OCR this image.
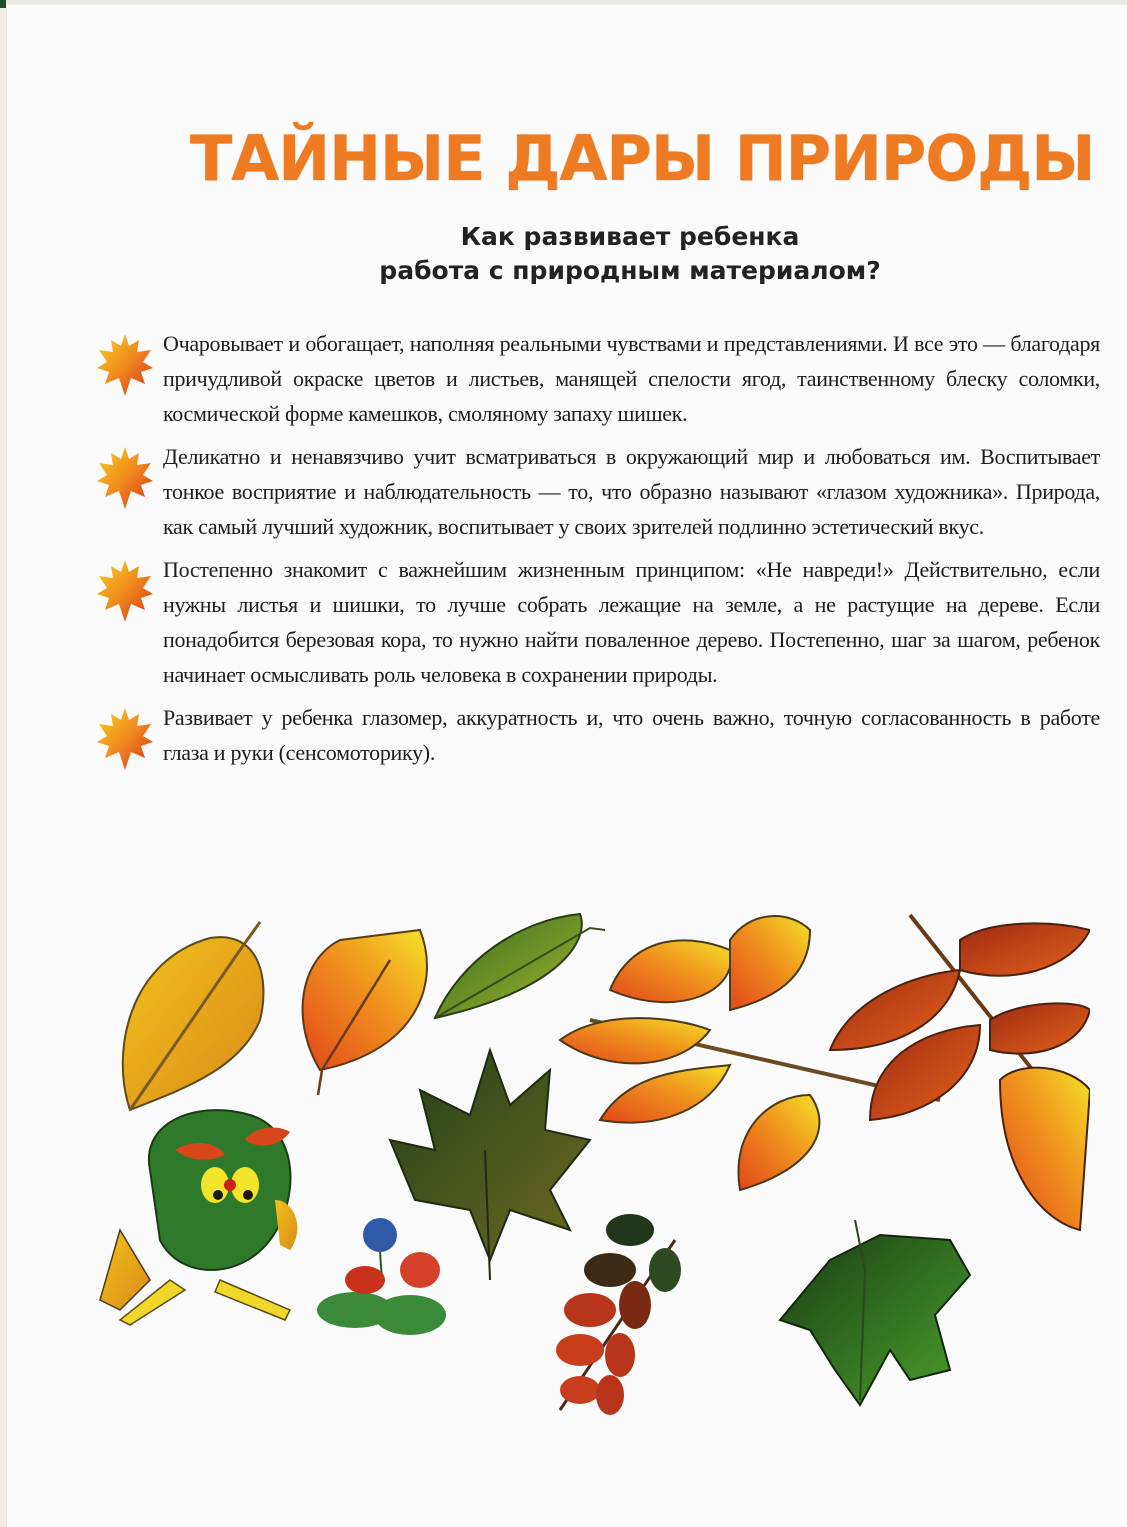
ТАЙНЫЕ ДАРЫ ПРИРОДЫ
Как развивает ребенка
работа с природным материалом?

Очаровывает и обогащает, наполняя реальными чувствами и представлениями. И все это — благодаря причудливой окраске цветов и листьев, манящей спелости ягод, таинственному блеску соломки, космической форме камешков, смоляному запаху шишек.

Деликатно и ненавязчиво учит всматриваться в окружающий мир и любоваться им. Воспитывает тонкое восприятие и наблюдательность — то, что образно называют «глазом художника». Природа, как самый лучший художник, воспитывает у своих зрителей подлинно эстетический вкус.

Постепенно знакомит с важнейшим жизненным принципом: «Не навреди!» Действительно, если нужны листья и шишки, то лучше собрать лежащие на земле, а не растущие на дереве. Если понадобится березовая кора, то нужно найти поваленное дерево. Постепенно, шаг за шагом, ребенок начинает осмысливать роль человека в сохранении природы.

Развивает у ребенка глазомер, аккуратность и, что очень важно, точную согласованность в работе глаза и руки (сенсомоторику).
